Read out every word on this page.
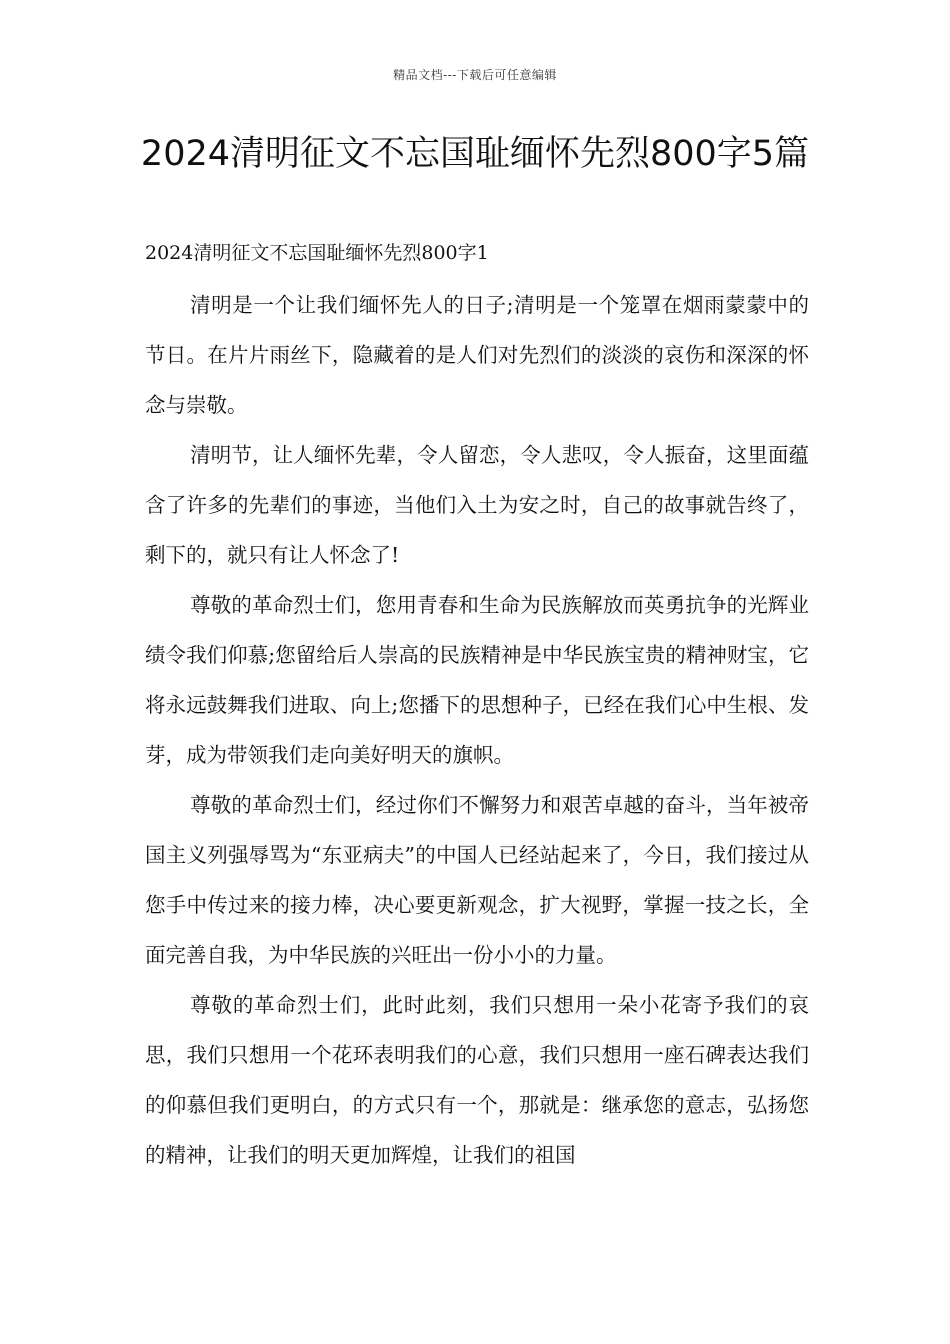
精品文档---下载后可任意编辑
2024清明征文不忘国耻缅怀先烈800字5篇

2024清明征文不忘国耻缅怀先烈800字1

清明是一个让我们缅怀先人的日子;清明是一个笼罩在烟雨蒙蒙中的节日。在片片雨丝下，隐藏着的是人们对先烈们的淡淡的哀伤和深深的怀念与崇敬。

清明节，让人缅怀先辈，令人留恋，令人悲叹，令人振奋，这里面蕴含了许多的先辈们的事迹，当他们入土为安之时，自己的故事就告终了，剩下的，就只有让人怀念了!

尊敬的革命烈士们，您用青春和生命为民族解放而英勇抗争的光辉业绩令我们仰慕;您留给后人崇高的民族精神是中华民族宝贵的精神财宝，它将永远鼓舞我们进取、向上;您播下的思想种子，已经在我们心中生根、发芽，成为带领我们走向美好明天的旗帜。

尊敬的革命烈士们，经过你们不懈努力和艰苦卓越的奋斗，当年被帝国主义列强辱骂为“东亚病夫”的中国人已经站起来了，今日，我们接过从您手中传过来的接力棒，决心要更新观念，扩大视野，掌握一技之长，全面完善自我，为中华民族的兴旺出一份小小的力量。

尊敬的革命烈士们，此时此刻，我们只想用一朵小花寄予我们的哀思，我们只想用一个花环表明我们的心意，我们只想用一座石碑表达我们的仰慕但我们更明白，的方式只有一个，那就是：继承您的意志，弘扬您的精神，让我们的明天更加辉煌，让我们的祖国
